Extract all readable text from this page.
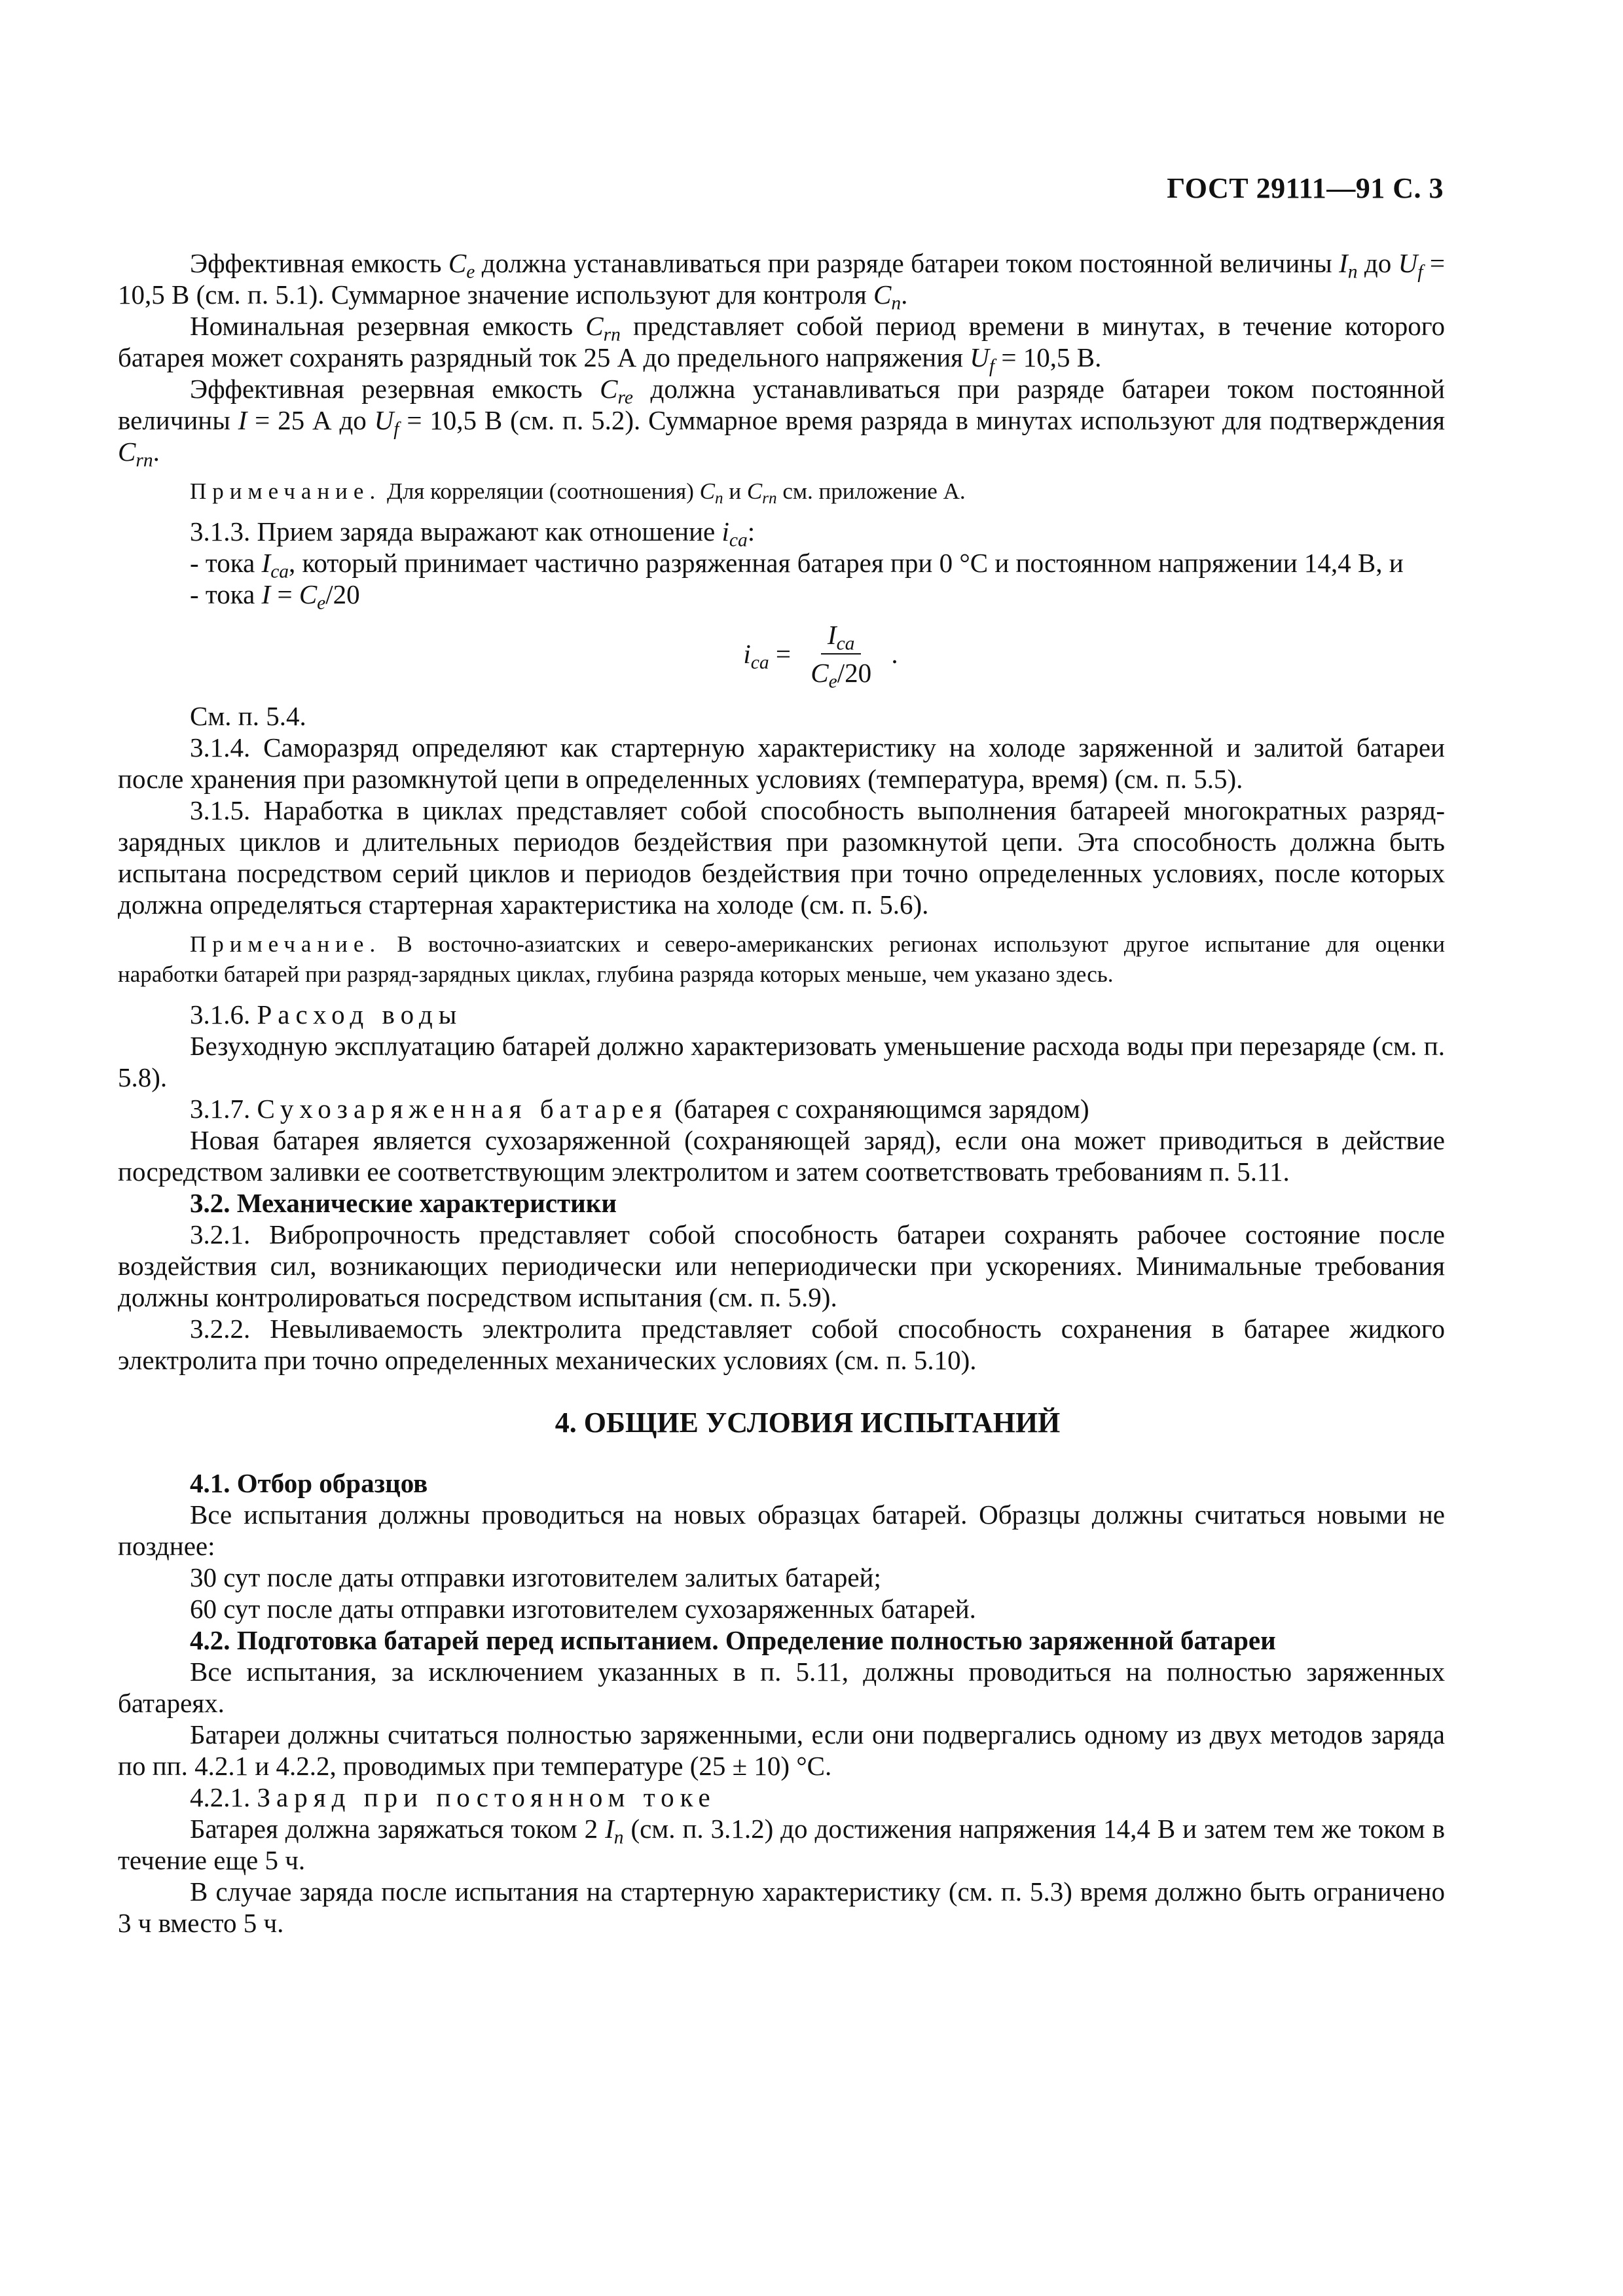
ГОСТ 29111—91 С. 3

Эффективная емкость $C_e$ должна устанавливаться при разряде батареи током постоянной величины $I_n$ до $U_f = 10,5$ В (см. п. 5.1). Суммарное значение используют для контроля $C_n$.

Номинальная резервная емкость $C_{rn}$ представляет собой период времени в минутах, в течение которого батарея может сохранять разрядный ток 25 А до предельного напряжения $U_f = 10,5$ В.

Эффективная резервная емкость $C_{re}$ должна устанавливаться при разряде батареи током постоянной величины I = 25 А до $U_f = 10,5$ В (см. п. 5.2). Суммарное время разряда в минутах используют для подтверждения $C_{rn}$.

Примечание. Для корреляции (соотношения) $C_n$ и $C_{rn}$ см. приложение А.

3.1.3. Прием заряда выражают как отношение $i_{ca}$:

- тока $I_{ca}$, который принимает частично разряженная батарея при 0 °С и постоянном напряжении 14,4 В, и

- тока $I = C_e/20$

$i_{ca} = \frac{I_{ca}}{C_e/20}$ .

См. п. 5.4.

3.1.4. Саморазряд определяют как стартерную характеристику на холоде заряженной и залитой батареи после хранения при разомкнутой цепи в определенных условиях (температура, время) (см. п. 5.5).

3.1.5. Наработка в циклах представляет собой способность выполнения батареей многократных разряд-зарядных циклов и длительных периодов бездействия при разомкнутой цепи. Эта способность должна быть испытана посредством серий циклов и периодов бездействия при точно определенных условиях, после которых должна определяться стартерная характеристика на холоде (см. п. 5.6).

Примечание. В восточно-азиатских и северо-американских регионах используют другое испытание для оценки наработки батарей при разряд-зарядных циклах, глубина разряда которых меньше, чем указано здесь.

3.1.6. Расход воды

Безуходную эксплуатацию батарей должно характеризовать уменьшение расхода воды при перезаряде (см. п. 5.8).

3.1.7. Сухозаряженная батарея (батарея с сохраняющимся зарядом)

Новая батарея является сухозаряженной (сохраняющей заряд), если она может приводиться в действие посредством заливки ее соответствующим электролитом и затем соответствовать требованиям п. 5.11.

3.2. Механические характеристики

3.2.1. Вибропрочность представляет собой способность батареи сохранять рабочее состояние после воздействия сил, возникающих периодически или непериодически при ускорениях. Минимальные требования должны контролироваться посредством испытания (см. п. 5.9).

3.2.2. Невыливаемость электролита представляет собой способность сохранения в батарее жидкого электролита при точно определенных механических условиях (см. п. 5.10).

4. ОБЩИЕ УСЛОВИЯ ИСПЫТАНИЙ

4.1. Отбор образцов

Все испытания должны проводиться на новых образцах батарей. Образцы должны считаться новыми не позднее:

30 сут после даты отправки изготовителем залитых батарей;

60 сут после даты отправки изготовителем сухозаряженных батарей.

4.2. Подготовка батарей перед испытанием. Определение полностью заряженной батареи

Все испытания, за исключением указанных в п. 5.11, должны проводиться на полностью заряженных батареях.

Батареи должны считаться полностью заряженными, если они подвергались одному из двух методов заряда по пп. 4.2.1 и 4.2.2, проводимых при температуре (25 ± 10) °С.

4.2.1. Заряд при постоянном токе

Батарея должна заряжаться током 2 $I_n$ (см. п. 3.1.2) до достижения напряжения 14,4 В и затем тем же током в течение еще 5 ч.

В случае заряда после испытания на стартерную характеристику (см. п. 5.3) время должно быть ограничено 3 ч вместо 5 ч.
